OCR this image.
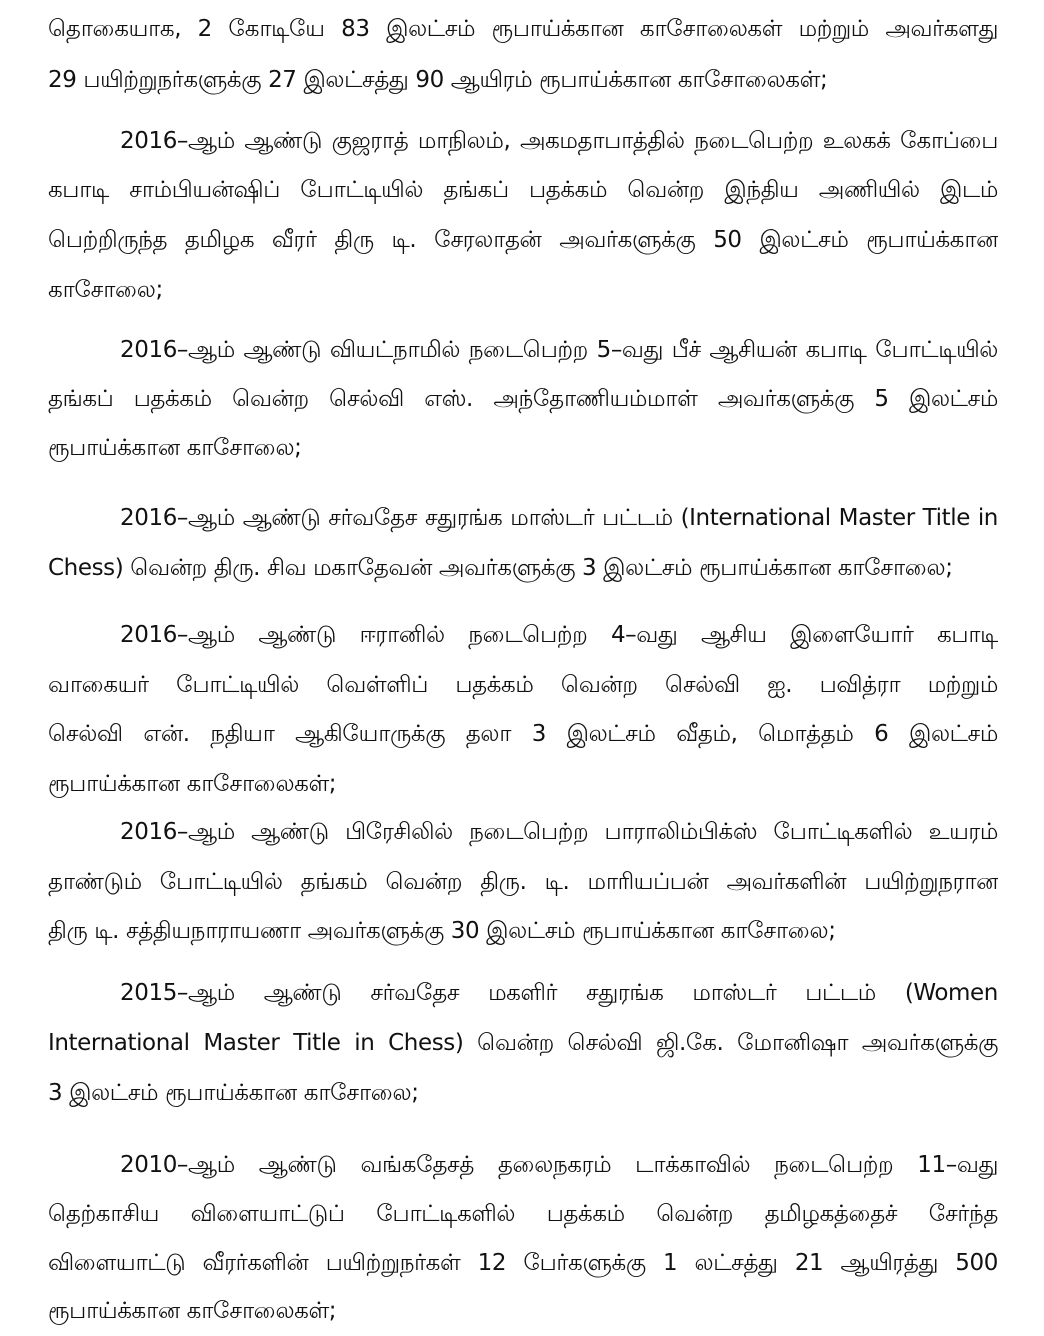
தொகையாக, 2 கோடியே 83 இலட்சம் ரூபாய்க்கான காசோலைகள் மற்றும் அவர்களது
29 பயிற்றுநர்களுக்கு 27 இலட்சத்து 90 ஆயிரம் ரூபாய்க்கான காசோலைகள்;
2016–ஆம் ஆண்டு குஜராத் மாநிலம், அகமதாபாத்தில் நடைபெற்ற உலகக் கோப்பை
கபாடி சாம்பியன்ஷிப் போட்டியில் தங்கப் பதக்கம் வென்ற இந்திய அணியில் இடம்
பெற்றிருந்த தமிழக வீரர் திரு டி. சேரலாதன் அவர்களுக்கு 50 இலட்சம் ரூபாய்க்கான
காசோலை;
2016–ஆம் ஆண்டு வியட்நாமில் நடைபெற்ற 5–வது பீச் ஆசியன் கபாடி போட்டியில்
தங்கப் பதக்கம் வென்ற செல்வி எஸ். அந்தோணியம்மாள் அவர்களுக்கு 5 இலட்சம்
ரூபாய்க்கான காசோலை;
2016–ஆம் ஆண்டு சர்வதேச சதுரங்க மாஸ்டர் பட்டம் (International Master Title in
Chess) வென்ற திரு. சிவ மகாதேவன் அவர்களுக்கு 3 இலட்சம் ரூபாய்க்கான காசோலை;
2016–ஆம் ஆண்டு ஈரானில் நடைபெற்ற 4–வது ஆசிய இளையோர் கபாடி
வாகையர் போட்டியில் வெள்ளிப் பதக்கம் வென்ற செல்வி ஐ. பவித்ரா மற்றும்
செல்வி என். நதியா ஆகியோருக்கு தலா 3 இலட்சம் வீதம், மொத்தம் 6 இலட்சம்
ரூபாய்க்கான காசோலைகள்;
2016–ஆம் ஆண்டு பிரேசிலில் நடைபெற்ற பாராலிம்பிக்ஸ் போட்டிகளில் உயரம்
தாண்டும் போட்டியில் தங்கம் வென்ற திரு. டி. மாரியப்பன் அவர்களின் பயிற்றுநரான
திரு டி. சத்தியநாராயணா அவர்களுக்கு 30 இலட்சம் ரூபாய்க்கான காசோலை;
2015–ஆம் ஆண்டு சர்வதேச மகளிர் சதுரங்க மாஸ்டர் பட்டம் (Women
International Master Title in Chess) வென்ற செல்வி ஜி.கே. மோனிஷா அவர்களுக்கு
3 இலட்சம் ரூபாய்க்கான காசோலை;
2010–ஆம் ஆண்டு வங்கதேசத் தலைநகரம் டாக்காவில் நடைபெற்ற 11–வது
தெற்காசிய விளையாட்டுப் போட்டிகளில் பதக்கம் வென்ற தமிழகத்தைச் சேர்ந்த
விளையாட்டு வீரர்களின் பயிற்றுநர்கள் 12 பேர்களுக்கு 1 லட்சத்து 21 ஆயிரத்து 500
ரூபாய்க்கான காசோலைகள்;
